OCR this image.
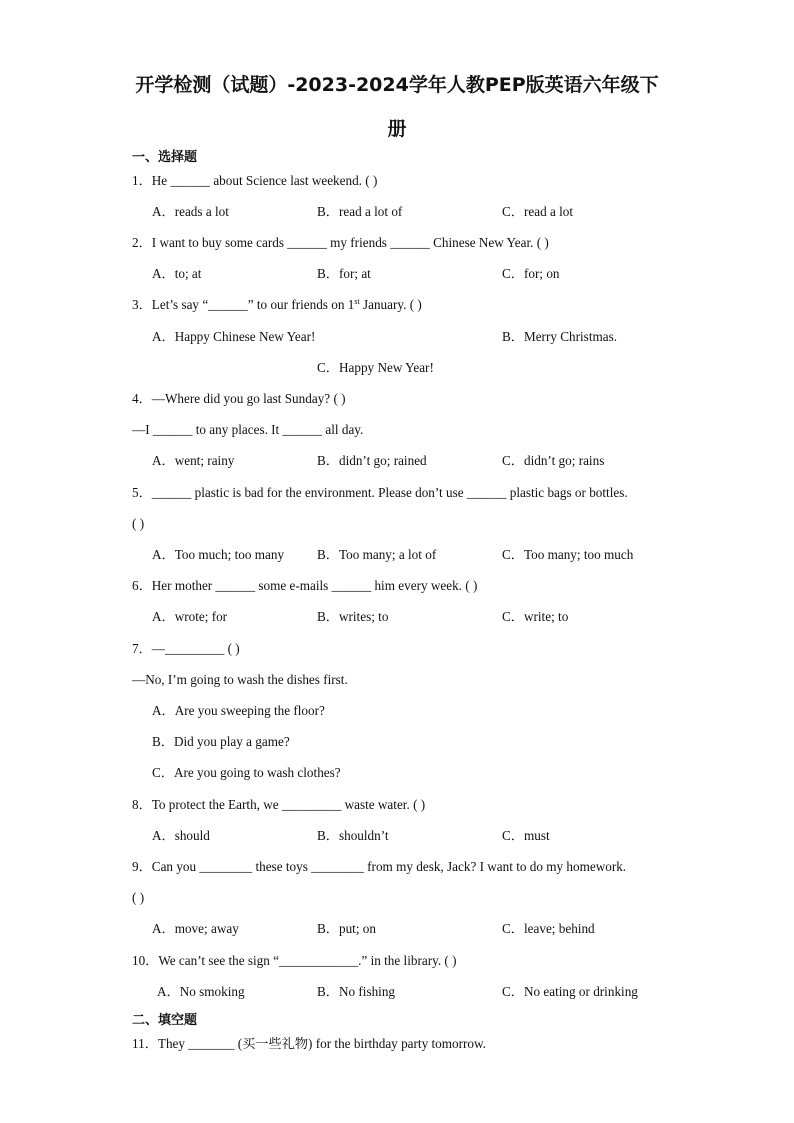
开学检测（试题）-2023-2024学年人教PEP版英语六年级下
册
一、选择题
1．He ______ about Science last weekend. ( )
A．reads a lot	B．read a lot of	C．read a lot
2．I want to buy some cards ______ my friends ______ Chinese New Year. ( )
A．to; at	B．for; at	C．for; on
3．Let’s say “______” to our friends on 1st January. ( )
A．Happy Chinese New Year!	B．Merry Christmas.
C．Happy New Year!
4．—Where did you go last Sunday? ( )
—I ______ to any places. It ______ all day.
A．went; rainy	B．didn’t go; rained	C．didn’t go; rains
5．______ plastic is bad for the environment. Please don’t use ______ plastic bags or bottles.
( )
A．Too much; too many B．Too many; a lot of	C．Too many; too much
6．Her mother ______ some e-mails ______ him every week. ( )
A．wrote; for	B．writes; to	C．write; to
7．—_________ ( )
—No, I’m going to wash the dishes first.
A．Are you sweeping the floor?
B．Did you play a game?
C．Are you going to wash clothes?
8．To protect the Earth, we _________ waste water. ( )
A．should	B．shouldn’t	C．must
9．Can you ________ these toys ________ from my desk, Jack? I want to do my homework.
( )
A．move; away	B．put; on	C．leave; behind
10．We can’t see the sign “____________.” in the library. ( )
A．No smoking	B．No fishing	C．No eating or drinking
二、填空题
11．They _______ (买一些礼物) for the birthday party tomorrow.
